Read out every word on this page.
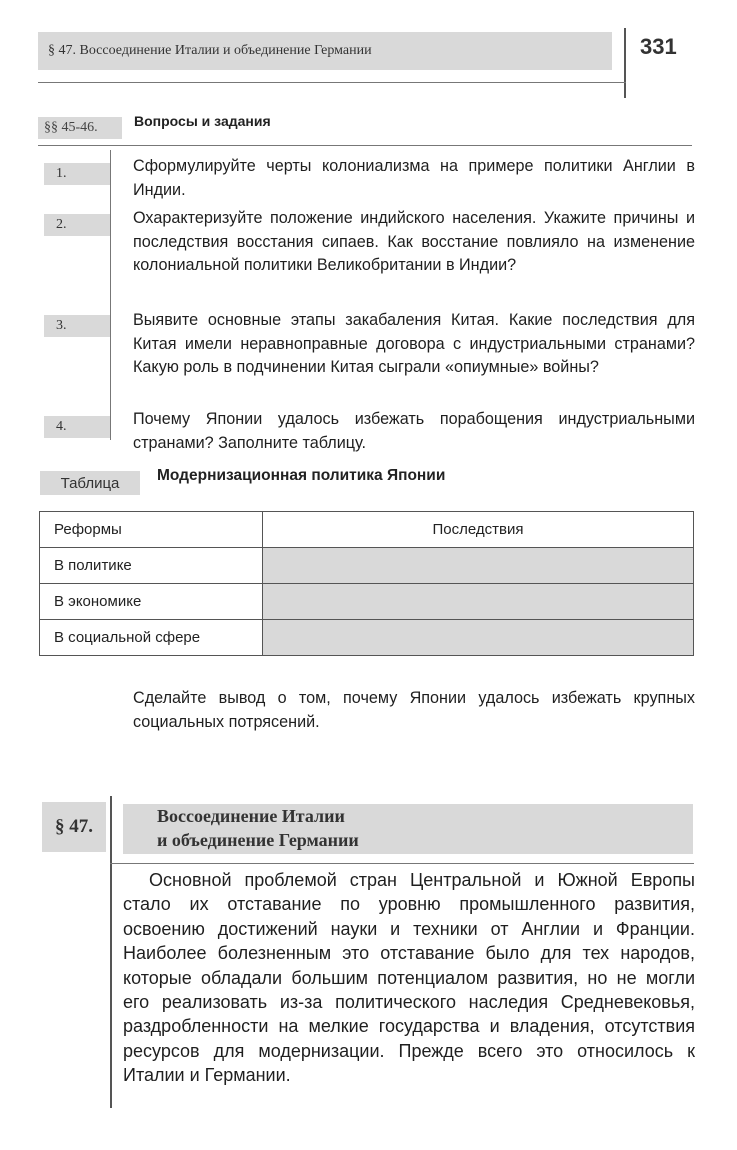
§ 47. Воссоединение Италии и объединение Германии	331
§§ 45-46.	Вопросы и задания
1.	Сформулируйте черты колониализма на примере политики Англии в Индии.
2.	Охарактеризуйте положение индийского населения. Укажите причины и последствия восстания сипаев. Как восстание повлияло на изменение колониальной политики Великобритании в Индии?
3.	Выявите основные этапы закабаления Китая. Какие последствия для Китая имели неравноправные договора с индустриальными странами? Какую роль в подчинении Китая сыграли «опиумные» войны?
4.	Почему Японии удалось избежать порабощения индустриальными странами? Заполните таблицу.
Таблица	Модернизационная политика Японии
Реформы	Последствия
В политике	
В экономике	
В социальной сфере	
Сделайте вывод о том, почему Японии удалось избежать крупных социальных потрясений.
§ 47.	Воссоединение Италии
и объединение Германии
Основной проблемой стран Центральной и Южной Европы стало их отставание по уровню промышленного развития, освоению достижений науки и техники от Англии и Франции. Наиболее болезненным это отставание было для тех народов, которые обладали большим потенциалом развития, но не могли его реализовать из-за политического наследия Средневековья, раздробленности на мелкие государства и владения, отсутствия ресурсов для модернизации. Прежде всего это относилось к Италии и Германии.
